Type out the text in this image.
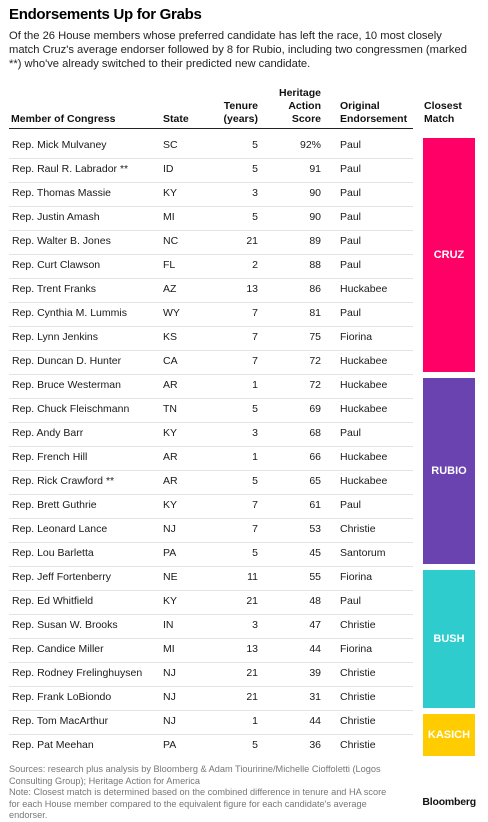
Endorsements Up for Grabs
Of the 26 House members whose preferred candidate has left the race, 10 most closely match Cruz's average endorser followed by 8 for Rubio, including two congressmen (marked **) who've already switched to their predicted new candidate.
Member of Congress	State
Tenure
(years)
Heritage
Action
Score
Original
Endorsement
Closest
Match
Rep. Mick Mulvaney	SC	5	92% Paul
Rep. Raul R. Labrador **	ID	5	91 Paul
Rep. Thomas Massie	KY	3	90 Paul
Rep. Justin Amash	MI	5	90 Paul
Rep. Walter B. Jones	NC	21	89 Paul
Rep. Curt Clawson	FL	2	88 Paul
Rep. Trent Franks	AZ	13	86 Huckabee
Rep. Cynthia M. Lummis	WY	7	81 Paul
Rep. Lynn Jenkins	KS	7	75 Fiorina
Rep. Duncan D. Hunter	CA	7	72 Huckabee
Rep. Bruce Westerman	AR	1	72 Huckabee
Rep. Chuck Fleischmann	TN	5	69 Huckabee
Rep. Andy Barr	KY	3	68 Paul
Rep. French Hill	AR	1	66 Huckabee
Rep. Rick Crawford **	AR	5	65 Huckabee
Rep. Brett Guthrie	KY	7	61 Paul
Rep. Leonard Lance	NJ	7	53 Christie
Rep. Lou Barletta	PA	5	45 Santorum
Rep. Jeff Fortenberry	NE	11	55 Fiorina
Rep. Ed Whitfield	KY	21	48 Paul
Rep. Susan W. Brooks	IN	3	47 Christie
Rep. Candice Miller	MI	13	44 Fiorina
Rep. Rodney Frelinghuysen	NJ	21	39 Christie
Rep. Frank LoBiondo	NJ	21	31 Christie
Rep. Tom MacArthur	NJ	1	44 Christie
Rep. Pat Meehan	PA	5	36 Christie
CRUZ
RUBIO
BUSH
KASICH
Sources: research plus analysis by Bloomberg & Adam Tiouririne/Michelle Cioffoletti (Logos Consulting Group); Heritage Action for America
Note: Closest match is determined based on the combined difference in tenure and HA score for each House member compared to the equivalent figure for each candidate's average endorser.
Bloomberg
